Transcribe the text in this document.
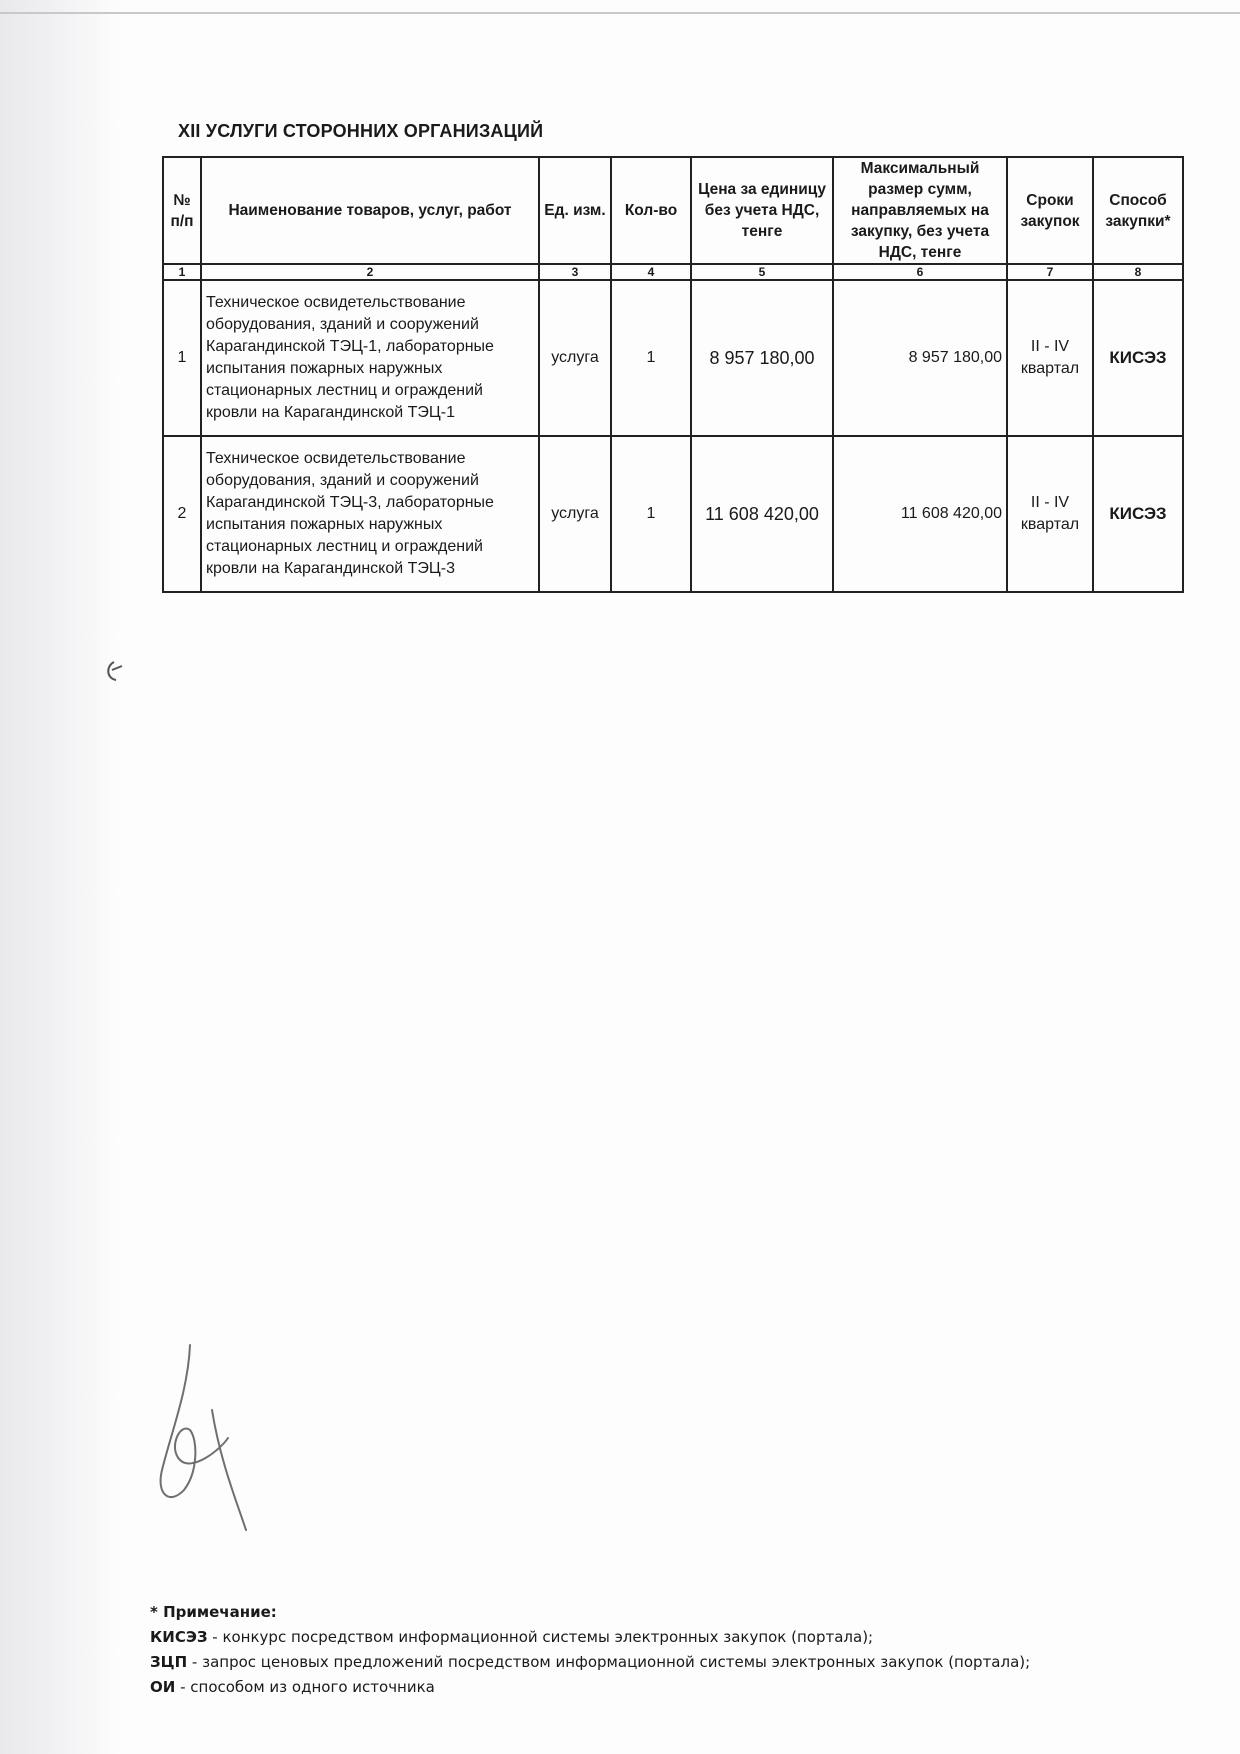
XII УСЛУГИ СТОРОННИХ ОРГАНИЗАЦИЙ
№ п/п	Наименование товаров, услуг, работ	Ед. изм.	Кол-во	Цена за единицу без учета НДС, тенге	Максимальный размер сумм, направляемых на закупку, без учета НДС, тенге	Сроки закупок	Способ закупки*
1	2	3	4	5	6	7	8
1	Техническое освидетельствование оборудования, зданий и сооружений Карагандинской ТЭЦ-1, лабораторные испытания пожарных наружных стационарных лестниц и ограждений кровли на Карагандинской ТЭЦ-1	услуга	1	8 957 180,00	8 957 180,00	II - IV квартал	КИСЭЗ
2	Техническое освидетельствование оборудования, зданий и сооружений Карагандинской ТЭЦ-3, лабораторные испытания пожарных наружных стационарных лестниц и ограждений кровли на Карагандинской ТЭЦ-3	услуга	1	11 608 420,00	11 608 420,00	II - IV квартал	КИСЭЗ
* Примечание:
КИСЭЗ - конкурс посредством информационной системы электронных закупок (портала);
ЗЦП - запрос ценовых предложений посредством информационной системы электронных закупок (портала);
ОИ - способом из одного источника
